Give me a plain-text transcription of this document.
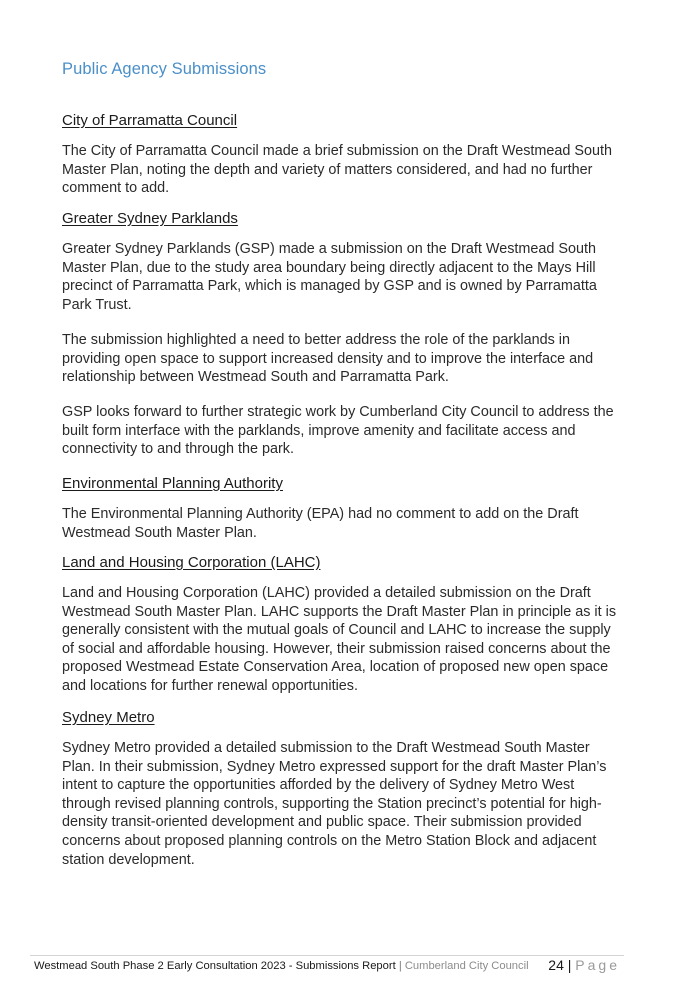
Public Agency Submissions
City of Parramatta Council

The City of Parramatta Council made a brief submission on the Draft Westmead South Master Plan, noting the depth and variety of matters considered, and had no further comment to add.

Greater Sydney Parklands

Greater Sydney Parklands (GSP) made a submission on the Draft Westmead South Master Plan, due to the study area boundary being directly adjacent to the Mays Hill precinct of Parramatta Park, which is managed by GSP and is owned by Parramatta Park Trust.

The submission highlighted a need to better address the role of the parklands in providing open space to support increased density and to improve the interface and relationship between Westmead South and Parramatta Park.

GSP looks forward to further strategic work by Cumberland City Council to address the built form interface with the parklands, improve amenity and facilitate access and connectivity to and through the park.

Environmental Planning Authority

The Environmental Planning Authority (EPA) had no comment to add on the Draft Westmead South Master Plan.

Land and Housing Corporation (LAHC)

Land and Housing Corporation (LAHC) provided a detailed submission on the Draft Westmead South Master Plan. LAHC supports the Draft Master Plan in principle as it is generally consistent with the mutual goals of Council and LAHC to increase the supply of social and affordable housing. However, their submission raised concerns about the proposed Westmead Estate Conservation Area, location of proposed new open space and locations for further renewal opportunities.

Sydney Metro

Sydney Metro provided a detailed submission to the Draft Westmead South Master Plan. In their submission, Sydney Metro expressed support for the draft Master Plan’s intent to capture the opportunities afforded by the delivery of Sydney Metro West through revised planning controls, supporting the Station precinct’s potential for high-density transit-oriented development and public space. Their submission provided concerns about proposed planning controls on the Metro Station Block and adjacent station development.

Westmead South Phase 2 Early Consultation 2023 - Submissions Report | Cumberland City Council 24 | Page
